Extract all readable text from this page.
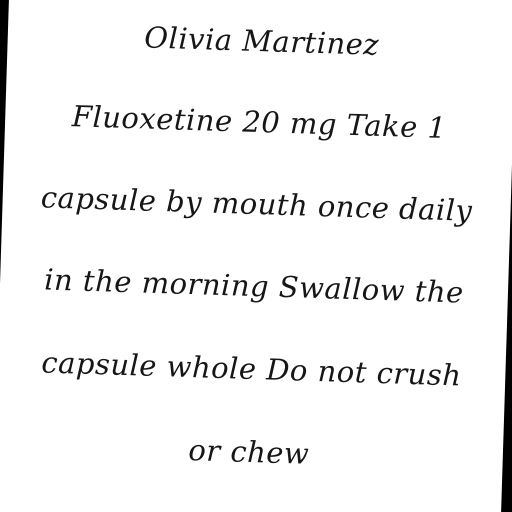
Olivia Martinez
Fluoxetine 20 mg Take 1
capsule by mouth once daily
in the morning Swallow the
capsule whole Do not crush
or chew
